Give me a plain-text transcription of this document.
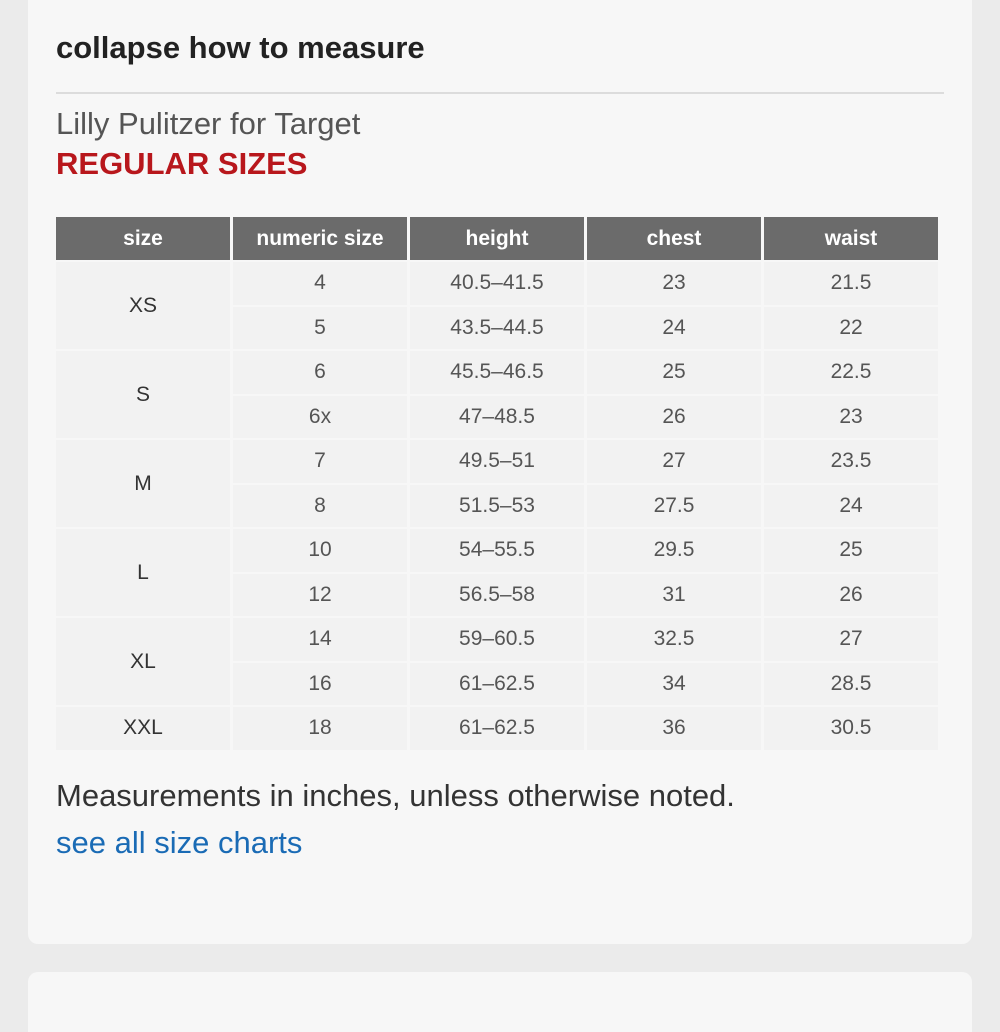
collapse how to measure
Lilly Pulitzer for Target
REGULAR SIZES
size	numeric size	height	chest	waist
XS	4	40.5–41.5	23	21.5
	5	43.5–44.5	24	22
S	6	45.5–46.5	25	22.5
	6x	47–48.5	26	23
M	7	49.5–51	27	23.5
	8	51.5–53	27.5	24
L	10	54–55.5	29.5	25
	12	56.5–58	31	26
XL	14	59–60.5	32.5	27
	16	61–62.5	34	28.5
XXL	18	61–62.5	36	30.5
Measurements in inches, unless otherwise noted.
see all size charts
